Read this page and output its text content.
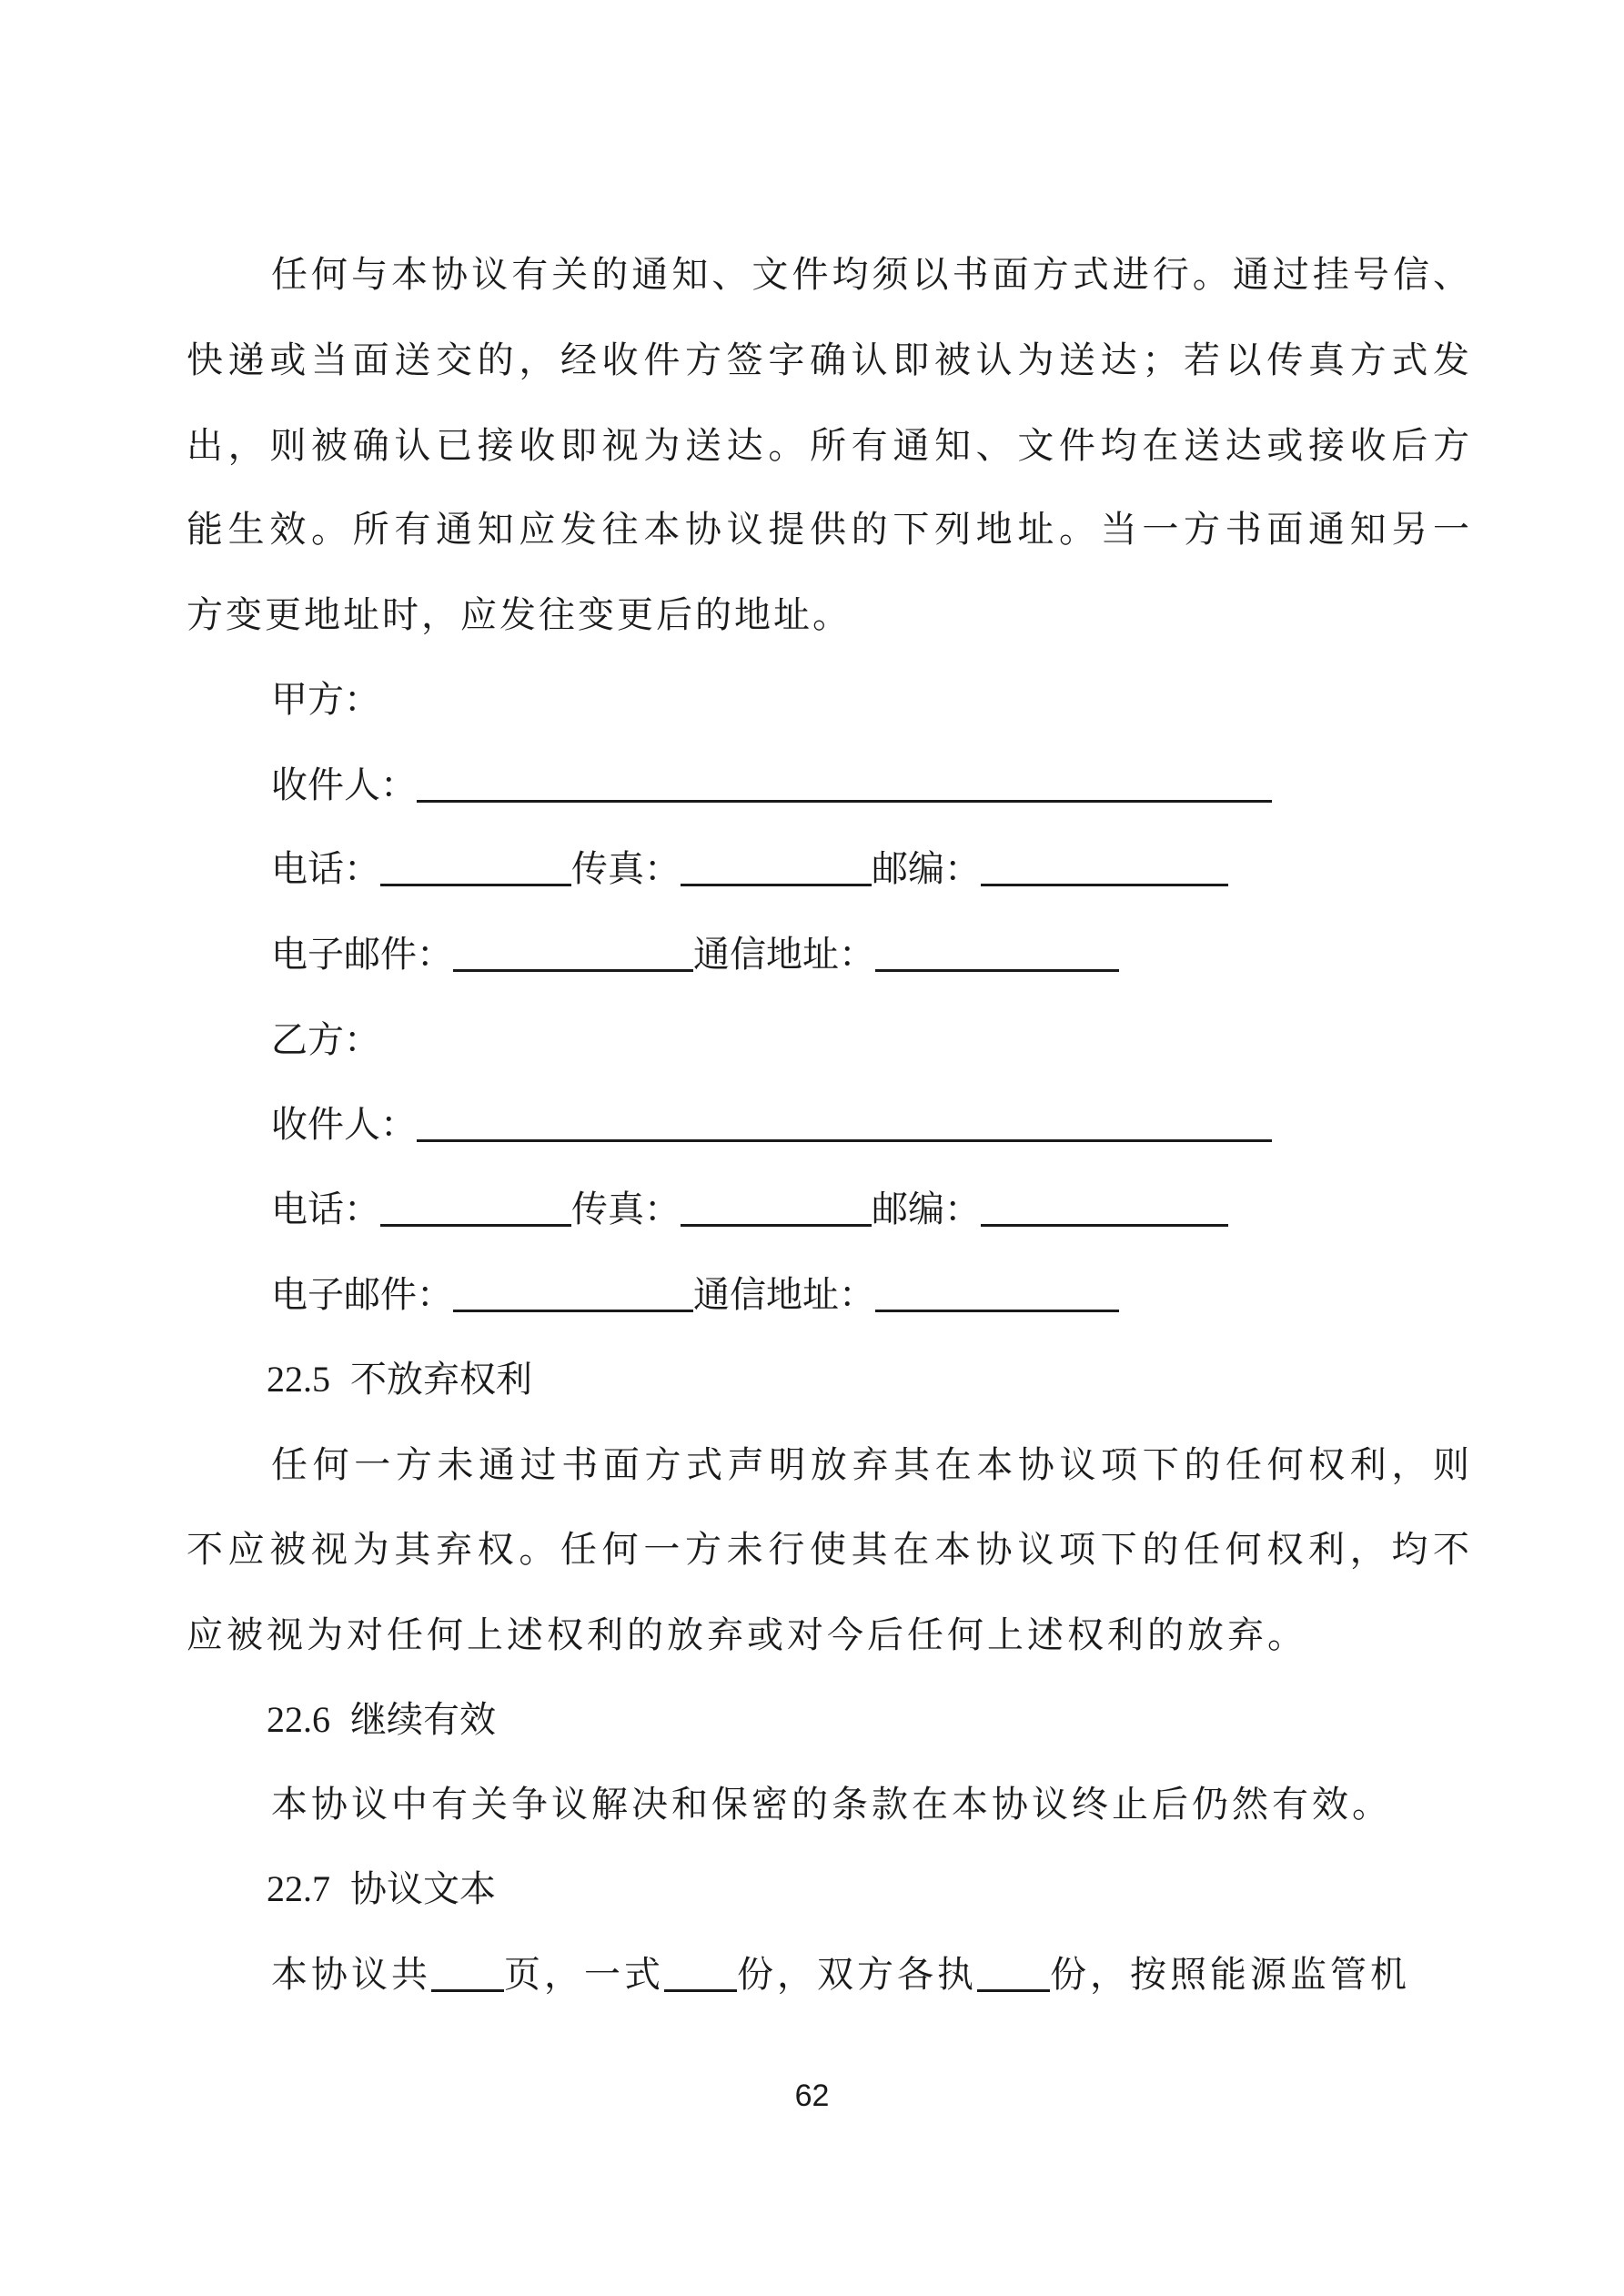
任何与本协议有关的通知、文件均须以书面方式进行。通过挂号信、
快递或当面送交的，经收件方签字确认即被认为送达；若以传真方式发
出，则被确认已接收即视为送达。所有通知、文件均在送达或接收后方
能生效。所有通知应发往本协议提供的下列地址。当一方书面通知另一
方变更地址时，应发往变更后的地址。
甲方：
收件人：
电话：	传真：	邮编：
电子邮件：	通信地址：
乙方：
收件人：
电话：	传真：	邮编：
电子邮件：	通信地址：
22.5 不放弃权利
任何一方未通过书面方式声明放弃其在本协议项下的任何权利，则
不应被视为其弃权。任何一方未行使其在本协议项下的任何权利，均不
应被视为对任何上述权利的放弃或对今后任何上述权利的放弃。
22.6 继续有效
本协议中有关争议解决和保密的条款在本协议终止后仍然有效。
22.7 协议文本
本协议共 页，一式 份，双方各执 份，按照能源监管机
62
